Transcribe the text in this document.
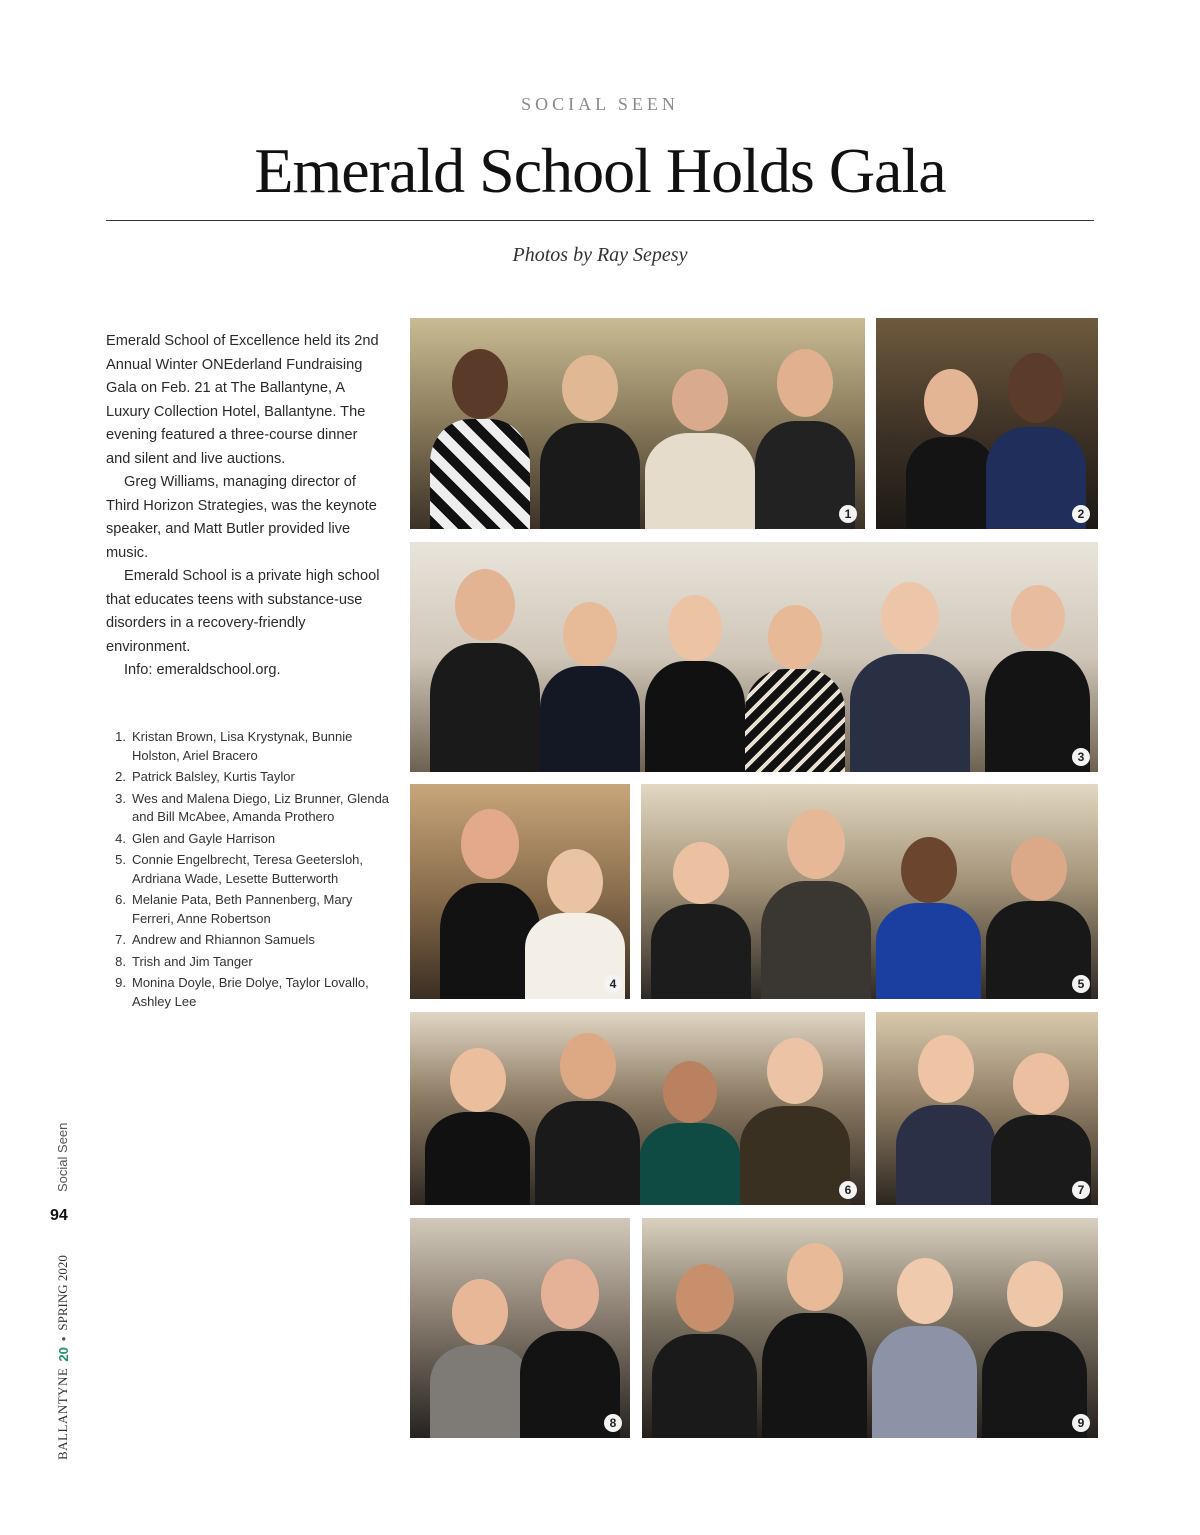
SOCIAL SEEN
Emerald School Holds Gala
Photos by Ray Sepesy

Emerald School of Excellence held its 2nd Annual Winter ONEderland Fundraising Gala on Feb. 21 at The Ballantyne, A Luxury Collection Hotel, Ballantyne. The evening featured a three-course dinner and silent and live auctions.

Greg Williams, managing director of Third Horizon Strategies, was the keynote speaker, and Matt Butler provided live music.

Emerald School is a private high school that educates teens with substance-use disorders in a recovery-friendly environment.

Info: emeraldschool.org.

1. Kristan Brown, Lisa Krystynak, Bunnie Holston, Ariel Bracero
2. Patrick Balsley, Kurtis Taylor
3. Wes and Malena Diego, Liz Brunner, Glenda and Bill McAbee, Amanda Prothero
4. Glen and Gayle Harrison
5. Connie Engelbrecht, Teresa Geetersloh, Ardriana Wade, Lesette Butterworth
6. Melanie Pata, Beth Pannenberg, Mary Ferreri, Anne Robertson
7. Andrew and Rhiannon Samuels
8. Trish and Jim Tanger
9. Monina Doyle, Brie Dolye, Taylor Lovallo, Ashley Lee
1	2
3
4	5
6	7
8	9
Social Seen
94
BALLANTYNE
20
•
SPRING 2020
